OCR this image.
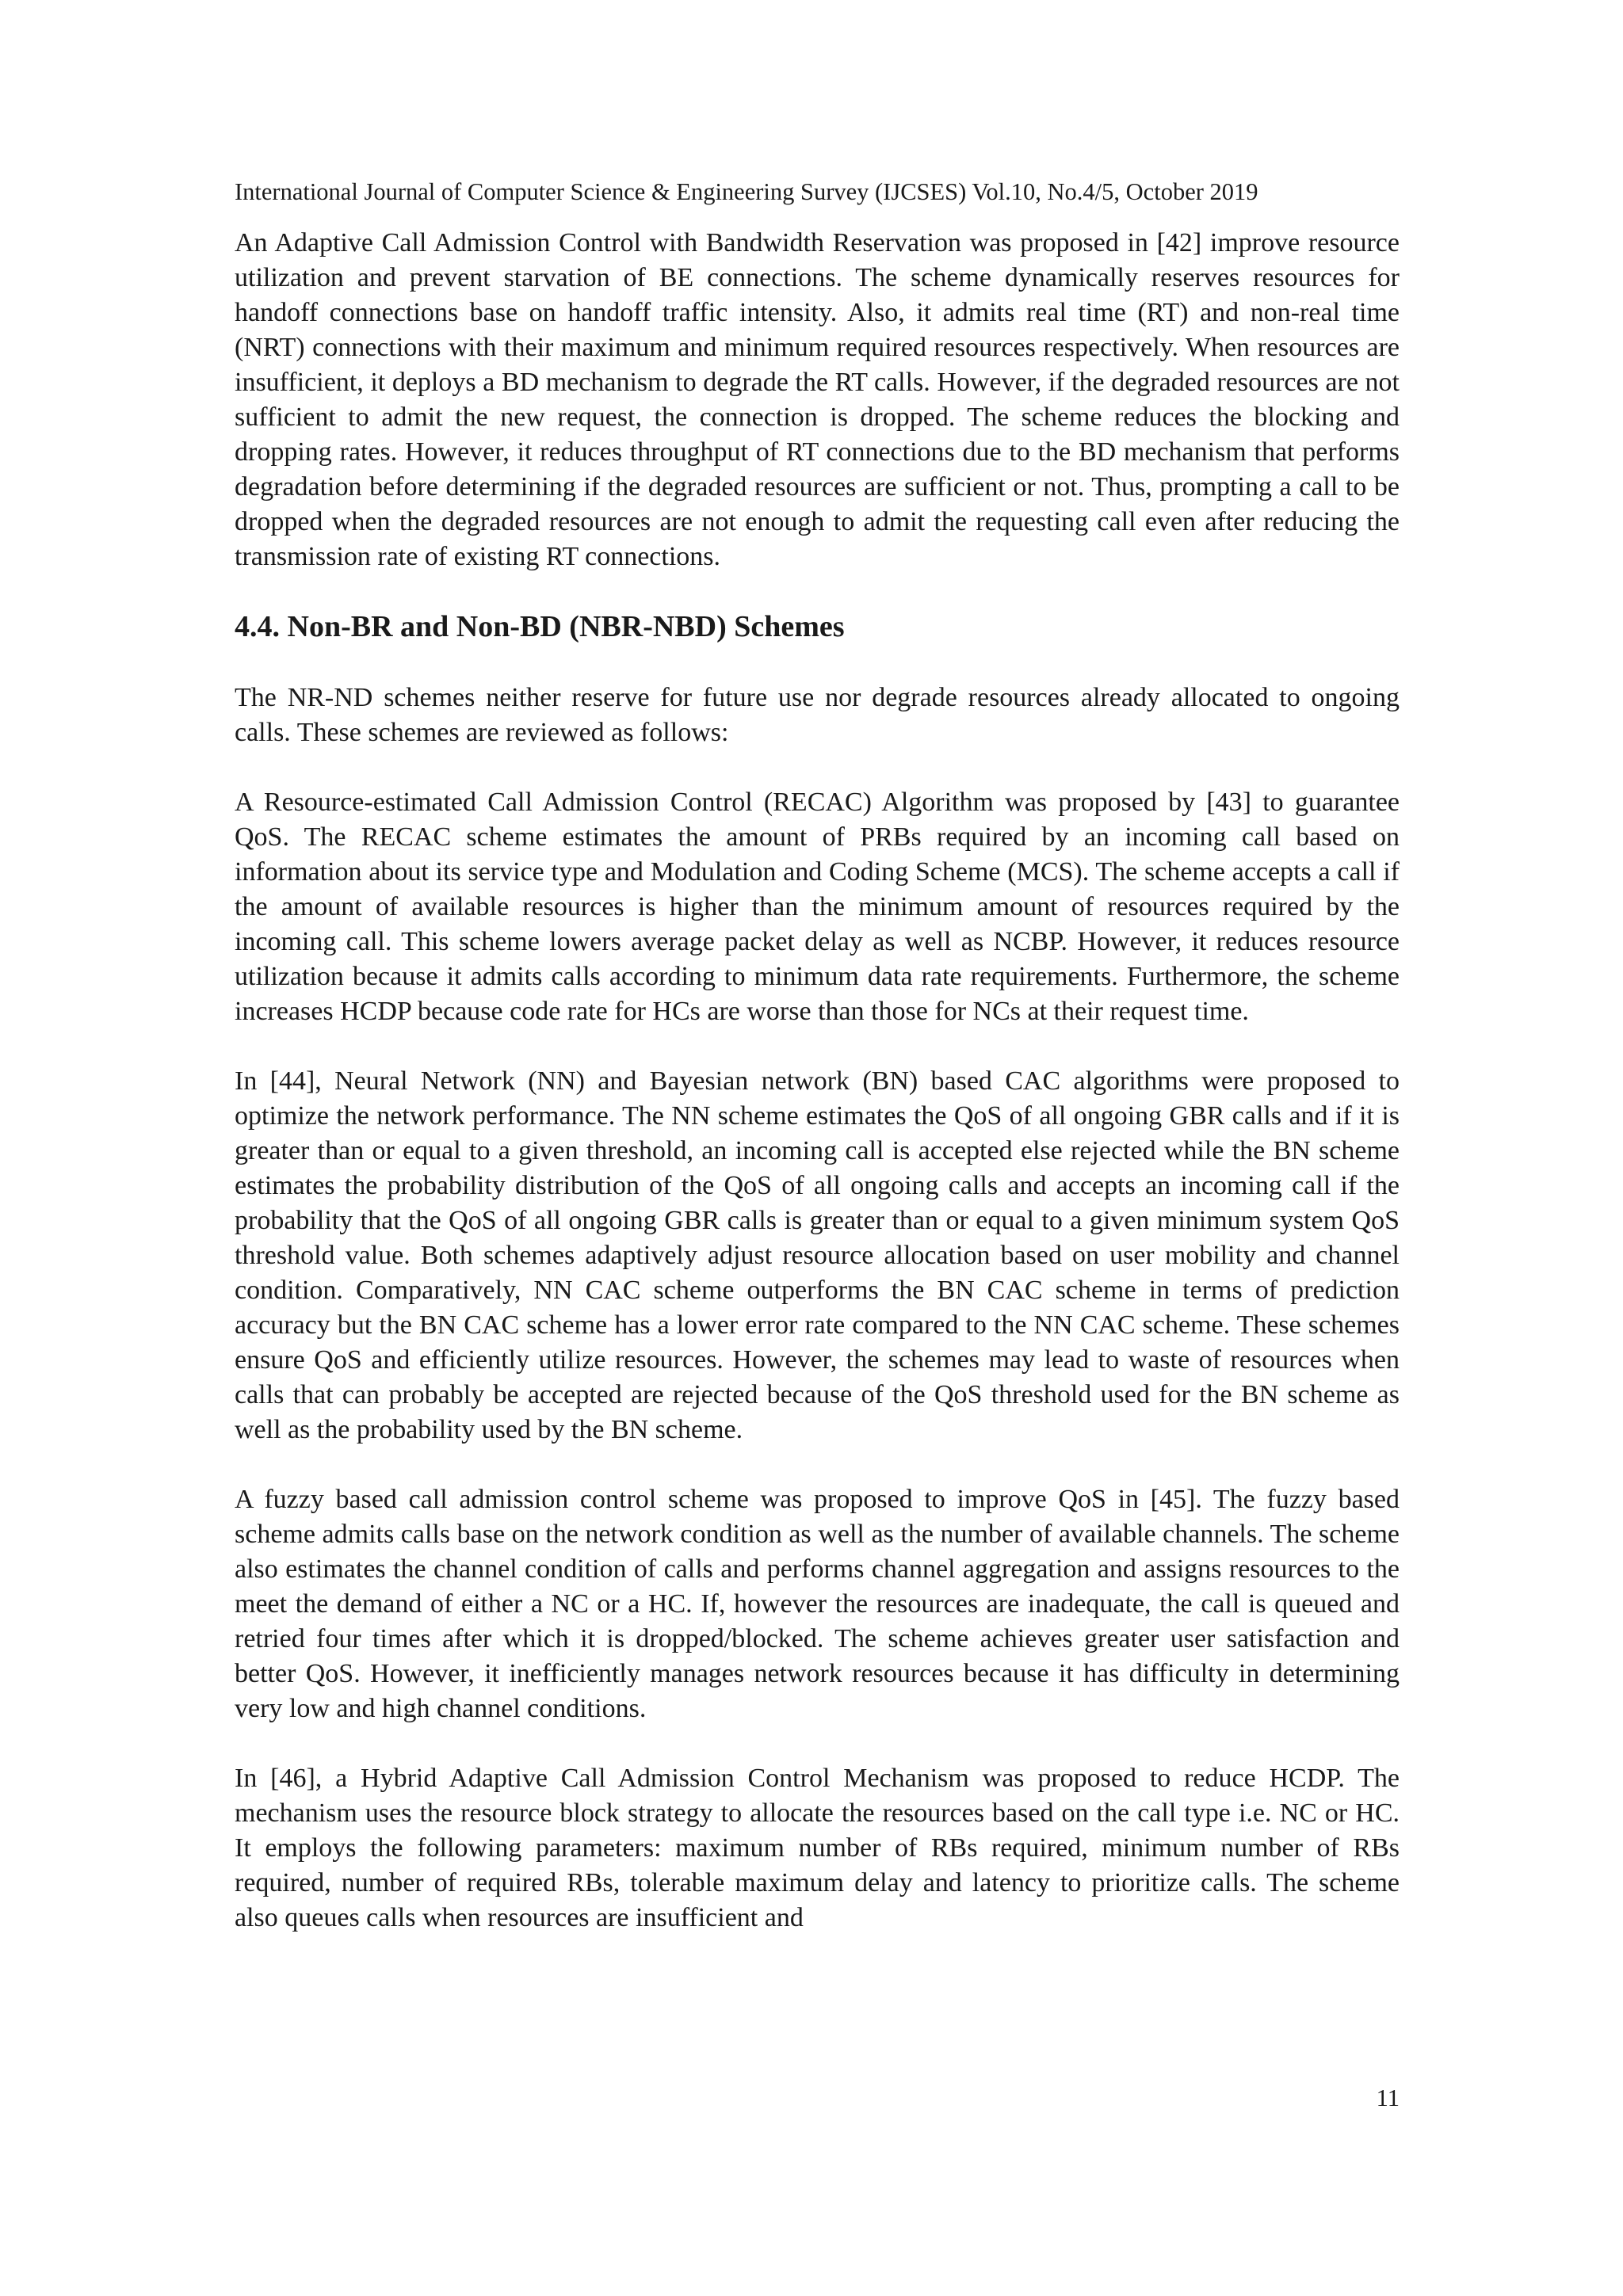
International Journal of Computer Science & Engineering Survey (IJCSES) Vol.10, No.4/5, October 2019

An Adaptive Call Admission Control with Bandwidth Reservation was proposed in [42] improve resource utilization and prevent starvation of BE connections. The scheme dynamically reserves resources for handoff connections base on handoff traffic intensity. Also, it admits real time (RT) and non-real time (NRT) connections with their maximum and minimum required resources respectively. When resources are insufficient, it deploys a BD mechanism to degrade the RT calls. However, if the degraded resources are not sufficient to admit the new request, the connection is dropped. The scheme reduces the blocking and dropping rates. However, it reduces throughput of RT connections due to the BD mechanism that performs degradation before determining if the degraded resources are sufficient or not. Thus, prompting a call to be dropped when the degraded resources are not enough to admit the requesting call even after reducing the transmission rate of existing RT connections.

4.4. Non-BR and Non-BD (NBR-NBD) Schemes

The NR-ND schemes neither reserve for future use nor degrade resources already allocated to ongoing calls. These schemes are reviewed as follows:

A Resource-estimated Call Admission Control (RECAC) Algorithm was proposed by [43] to guarantee QoS. The RECAC scheme estimates the amount of PRBs required by an incoming call based on information about its service type and Modulation and Coding Scheme (MCS). The scheme accepts a call if the amount of available resources is higher than the minimum amount of resources required by the incoming call. This scheme lowers average packet delay as well as NCBP. However, it reduces resource utilization because it admits calls according to minimum data rate requirements. Furthermore, the scheme increases HCDP because code rate for HCs are worse than those for NCs at their request time.

In [44], Neural Network (NN) and Bayesian network (BN) based CAC algorithms were proposed to optimize the network performance. The NN scheme estimates the QoS of all ongoing GBR calls and if it is greater than or equal to a given threshold, an incoming call is accepted else rejected while the BN scheme estimates the probability distribution of the QoS of all ongoing calls and accepts an incoming call if the probability that the QoS of all ongoing GBR calls is greater than or equal to a given minimum system QoS threshold value. Both schemes adaptively adjust resource allocation based on user mobility and channel condition. Comparatively, NN CAC scheme outperforms the BN CAC scheme in terms of prediction accuracy but the BN CAC scheme has a lower error rate compared to the NN CAC scheme. These schemes ensure QoS and efficiently utilize resources. However, the schemes may lead to waste of resources when calls that can probably be accepted are rejected because of the QoS threshold used for the BN scheme as well as the probability used by the BN scheme.

A fuzzy based call admission control scheme was proposed to improve QoS in [45]. The fuzzy based scheme admits calls base on the network condition as well as the number of available channels. The scheme also estimates the channel condition of calls and performs channel aggregation and assigns resources to the meet the demand of either a NC or a HC. If, however the resources are inadequate, the call is queued and retried four times after which it is dropped/blocked. The scheme achieves greater user satisfaction and better QoS. However, it inefficiently manages network resources because it has difficulty in determining very low and high channel conditions.

In [46], a Hybrid Adaptive Call Admission Control Mechanism was proposed to reduce HCDP. The mechanism uses the resource block strategy to allocate the resources based on the call type i.e. NC or HC. It employs the following parameters: maximum number of RBs required, minimum number of RBs required, number of required RBs, tolerable maximum delay and latency to prioritize calls. The scheme also queues calls when resources are insufficient and

11
